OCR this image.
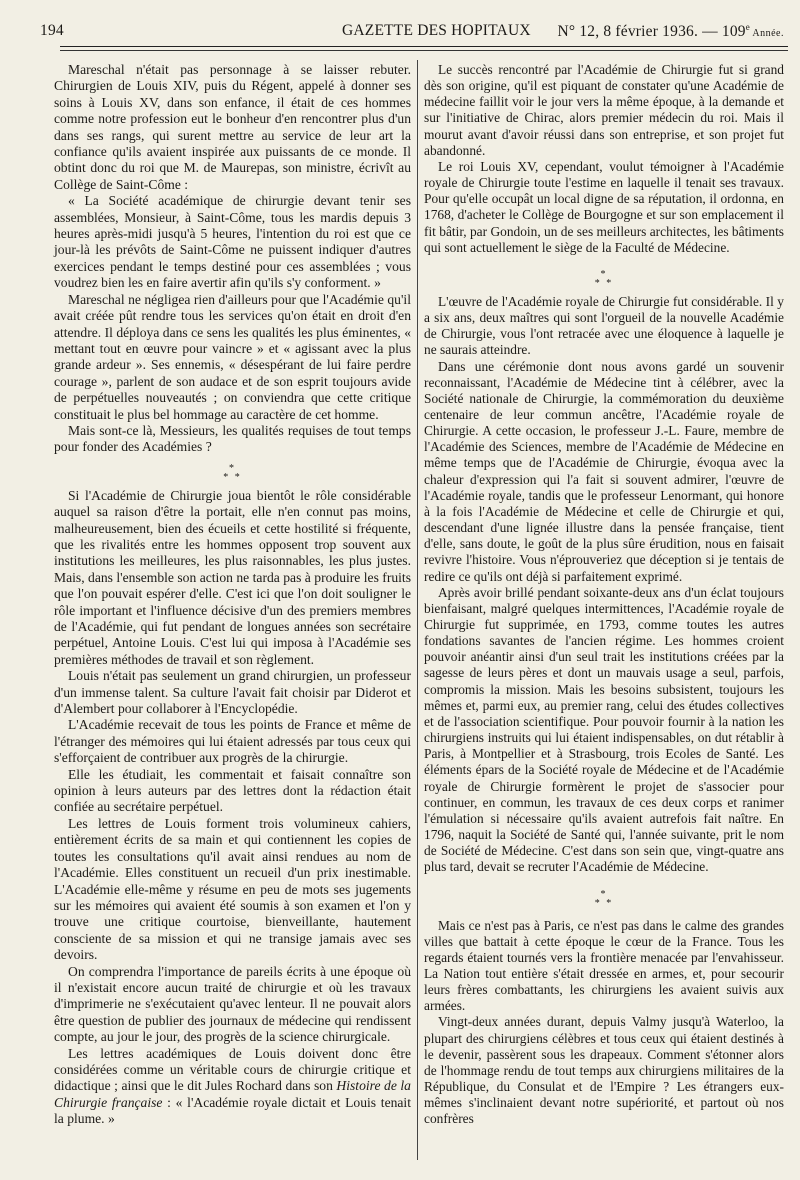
194	GAZETTE DES HOPITAUX N° 12, 8 février 1936. — 109e Année.

Mareschal n'était pas personnage à se laisser rebuter. Chirurgien de Louis XIV, puis du Régent, appelé à donner ses soins à Louis XV, dans son enfance, il était de ces hommes comme notre profession eut le bonheur d'en rencontrer plus d'un dans ses rangs, qui surent mettre au service de leur art la confiance qu'ils avaient inspirée aux puissants de ce monde. Il obtint donc du roi que M. de Maurepas, son ministre, écrivît au Collège de Saint-Côme :

« La Société académique de chirurgie devant tenir ses assemblées, Monsieur, à Saint-Côme, tous les mardis depuis 3 heures après-midi jusqu'à 5 heures, l'intention du roi est que ce jour-là les prévôts de Saint-Côme ne puissent indiquer d'autres exercices pendant le temps destiné pour ces assemblées ; vous voudrez bien les en faire avertir afin qu'ils s'y conforment. »

Mareschal ne négligea rien d'ailleurs pour que l'Académie qu'il avait créée pût rendre tous les services qu'on était en droit d'en attendre. Il déploya dans ce sens les qualités les plus éminentes, « mettant tout en œuvre pour vaincre » et « agissant avec la plus grande ardeur ». Ses ennemis, « désespérant de lui faire perdre courage », parlent de son audace et de son esprit toujours avide de perpétuelles nouveautés ; on conviendra que cette critique constituait le plus bel hommage au caractère de cet homme.

Mais sont-ce là, Messieurs, les qualités requises de tout temps pour fonder des Académies ?

*
* *

Si l'Académie de Chirurgie joua bientôt le rôle considérable auquel sa raison d'être la portait, elle n'en connut pas moins, malheureusement, bien des écueils et cette hostilité si fréquente, que les rivalités entre les hommes opposent trop souvent aux institutions les meilleures, les plus raisonnables, les plus justes. Mais, dans l'ensemble son action ne tarda pas à produire les fruits que l'on pouvait espérer d'elle. C'est ici que l'on doit souligner le rôle important et l'influence décisive d'un des premiers membres de l'Académie, qui fut pendant de longues années son secrétaire perpétuel, Antoine Louis. C'est lui qui imposa à l'Académie ses premières méthodes de travail et son règlement.

Louis n'était pas seulement un grand chirurgien, un professeur d'un immense talent. Sa culture l'avait fait choisir par Diderot et d'Alembert pour collaborer à l'Encyclopédie.

L'Académie recevait de tous les points de France et même de l'étranger des mémoires qui lui étaient adressés par tous ceux qui s'efforçaient de contribuer aux progrès de la chirurgie.

Elle les étudiait, les commentait et faisait connaître son opinion à leurs auteurs par des lettres dont la rédaction était confiée au secrétaire perpétuel.

Les lettres de Louis forment trois volumineux cahiers, entièrement écrits de sa main et qui contiennent les copies de toutes les consultations qu'il avait ainsi rendues au nom de l'Académie. Elles constituent un recueil d'un prix inestimable. L'Académie elle-même y résume en peu de mots ses jugements sur les mémoires qui avaient été soumis à son examen et l'on y trouve une critique courtoise, bienveillante, hautement consciente de sa mission et qui ne transige jamais avec ses devoirs.

On comprendra l'importance de pareils écrits à une époque où il n'existait encore aucun traité de chirurgie et où les travaux d'imprimerie ne s'exécutaient qu'avec lenteur. Il ne pouvait alors être question de publier des journaux de médecine qui rendissent compte, au jour le jour, des progrès de la science chirurgicale.

Les lettres académiques de Louis doivent donc être considérées comme un véritable cours de chirurgie critique et didactique ; ainsi que le dit Jules Rochard dans son Histoire de la Chirurgie française : « l'Académie royale dictait et Louis tenait la plume. »

Le succès rencontré par l'Académie de Chirurgie fut si grand dès son origine, qu'il est piquant de constater qu'une Académie de médecine faillit voir le jour vers la même époque, à la demande et sur l'initiative de Chirac, alors premier médecin du roi. Mais il mourut avant d'avoir réussi dans son entreprise, et son projet fut abandonné.

Le roi Louis XV, cependant, voulut témoigner à l'Académie royale de Chirurgie toute l'estime en laquelle il tenait ses travaux. Pour qu'elle occupât un local digne de sa réputation, il ordonna, en 1768, d'acheter le Collège de Bourgogne et sur son emplacement il fit bâtir, par Gondoin, un de ses meilleurs architectes, les bâtiments qui sont actuellement le siège de la Faculté de Médecine.

*
* *

L'œuvre de l'Académie royale de Chirurgie fut considérable. Il y a six ans, deux maîtres qui sont l'orgueil de la nouvelle Académie de Chirurgie, vous l'ont retracée avec une éloquence à laquelle je ne saurais atteindre.

Dans une cérémonie dont nous avons gardé un souvenir reconnaissant, l'Académie de Médecine tint à célébrer, avec la Société nationale de Chirurgie, la commémoration du deuxième centenaire de leur commun ancêtre, l'Académie royale de Chirurgie. A cette occasion, le professeur J.-L. Faure, membre de l'Académie des Sciences, membre de l'Académie de Médecine en même temps que de l'Académie de Chirurgie, évoqua avec la chaleur d'expression qui l'a fait si souvent admirer, l'œuvre de l'Académie royale, tandis que le professeur Lenormant, qui honore à la fois l'Académie de Médecine et celle de Chirurgie et qui, descendant d'une lignée illustre dans la pensée française, tient d'elle, sans doute, le goût de la plus sûre érudition, nous en faisait revivre l'histoire. Vous n'éprouveriez que déception si je tentais de redire ce qu'ils ont déjà si parfaitement exprimé.

Après avoir brillé pendant soixante-deux ans d'un éclat toujours bienfaisant, malgré quelques intermittences, l'Académie royale de Chirurgie fut supprimée, en 1793, comme toutes les autres fondations savantes de l'ancien régime. Les hommes croient pouvoir anéantir ainsi d'un seul trait les institutions créées par la sagesse de leurs pères et dont un mauvais usage a seul, parfois, compromis la mission. Mais les besoins subsistent, toujours les mêmes et, parmi eux, au premier rang, celui des études collectives et de l'association scientifique. Pour pouvoir fournir à la nation les chirurgiens instruits qui lui étaient indispensables, on dut rétablir à Paris, à Montpellier et à Strasbourg, trois Ecoles de Santé. Les éléments épars de la Société royale de Médecine et de l'Académie royale de Chirurgie formèrent le projet de s'associer pour continuer, en commun, les travaux de ces deux corps et ranimer l'émulation si nécessaire qu'ils avaient autrefois fait naître. En 1796, naquit la Société de Santé qui, l'année suivante, prit le nom de Société de Médecine. C'est dans son sein que, vingt-quatre ans plus tard, devait se recruter l'Académie de Médecine.

*
* *

Mais ce n'est pas à Paris, ce n'est pas dans le calme des grandes villes que battait à cette époque le cœur de la France. Tous les regards étaient tournés vers la frontière menacée par l'envahisseur. La Nation tout entière s'était dressée en armes, et, pour secourir leurs frères combattants, les chirurgiens les avaient suivis aux armées.

Vingt-deux années durant, depuis Valmy jusqu'à Waterloo, la plupart des chirurgiens célèbres et tous ceux qui étaient destinés à le devenir, passèrent sous les drapeaux. Comment s'étonner alors de l'hommage rendu de tout temps aux chirurgiens militaires de la République, du Consulat et de l'Empire ? Les étrangers eux-mêmes s'inclinaient devant notre supériorité, et partout où nos confrères
